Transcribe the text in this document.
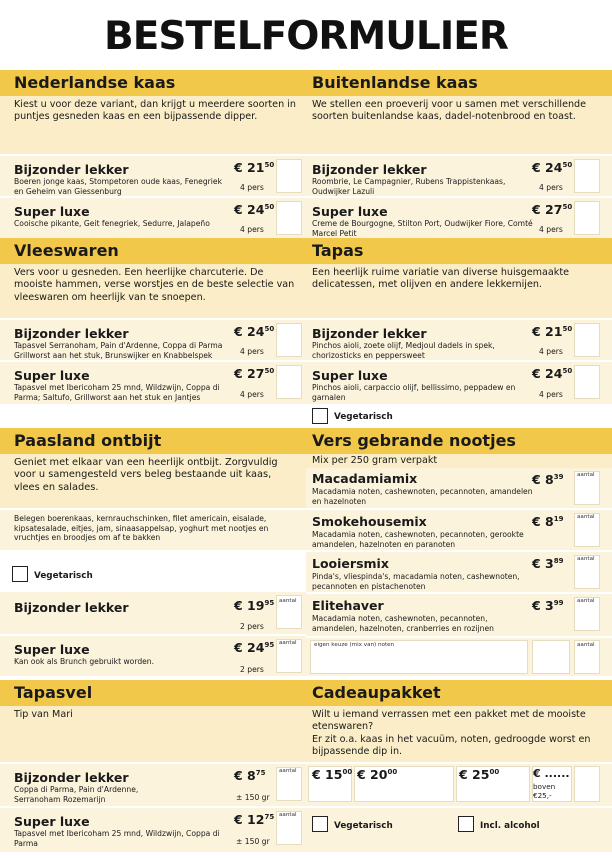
BESTELFORMULIER
Nederlandse kaas
Kiest u voor deze variant, dan krijgt u meerdere soorten in puntjes gesneden kaas en een bijpassende dipper.
Bijzonder lekker
Boeren jonge kaas, Stompetoren oude kaas, Fenegriek en Geheim van Giessenburg
€ $21^{50}$
4 pers
Super luxe
Cooische pikante, Geit fenegriek, Sedurre, Jalapeño
€ $24^{50}$
4 pers
Buitenlandse kaas
We stellen een proeverij voor u samen met verschillende soorten buitenlandse kaas, dadel-notenbrood en toast.
Bijzonder lekker
Roombrie, Le Campagnier, Rubens Trappistenkaas, Oudwijker Lazuli
€ $24^{50}$
4 pers
Super luxe
Creme de Bourgogne, Stilton Port, Oudwijker Fiore, Comté Marcel Petit
€ $27^{50}$
4 pers
Vleeswaren
Vers voor u gesneden. Een heerlijke charcuterie. De mooiste hammen, verse worstjes en de beste selectie van vleeswaren om heerlijk van te snoepen.
Bijzonder lekker
Tapasvel Serranoham, Pain d'Ardenne, Coppa di Parma Grillworst aan het stuk, Brunswijker en Knabbelspek
€ $24^{50}$
4 pers
Super luxe
Tapasvel met Ibericoham 25 mnd, Wildzwijn, Coppa di Parma; Saltufo, Grillworst aan het stuk en Jantjes
€ $27^{50}$
4 pers
Tapas
Een heerlijk ruime variatie van diverse huisgemaakte delicatessen, met olijven en andere lekkernijen.
Bijzonder lekker
Pinchos aioli, zoete olijf, Medjoul dadels in spek, chorizosticks en peppersweet
€ $21^{50}$
4 pers
Super luxe
Pinchos aioli, carpaccio olijf, bellissimo, peppadew en garnalen
€ $24^{50}$
4 pers
Vegetarisch
Paasland ontbijt
Geniet met elkaar van een heerlijk ontbijt. Zorgvuldig voor u samengesteld vers beleg bestaande uit kaas, vlees en salades.
Belegen boerenkaas, kernrauchschinken, filet americain, eisalade, kipsatesalade, eitjes, jam, sinaasappelsap, yoghurt met nootjes en vruchtjes en broodjes om af te bakken
Vegetarisch
Bijzonder lekker	€ $19^{95}$
2 pers
aantal
Super luxe
Kan ook als Brunch gebruikt worden.
€ $24^{95}$
2 pers
aantal
Vers gebrande nootjes
Mix per 250 gram verpakt
Macadamiamix
Macadamia noten, cashewnoten, pecannoten, amandelen en hazelnoten
€ $8^{39}$ aantal
Smokehousemix
Macadamia noten, cashewnoten, pecannoten, gerookte amandelen, hazelnoten en paranoten
€ $8^{19}$ aantal
Looiersmix
Pinda's, vliespinda's, macadamia noten, cashewnoten, pecannoten en pistachenoten
€ $3^{89}$ aantal
Elitehaver
Macadamia noten, cashewnoten, pecannoten, amandelen, hazelnoten, cranberries en rozijnen
€ $3^{99}$ aantal
eigen keuze (mix van) noten	aantal
Tapasvel
Tip van Mari
Bijzonder lekker
Coppa di Parma, Pain d'Ardenne, Serranoham Rozemarijn
€ $8^{75}$
± 150 gr
aantal
Super luxe
Tapasvel met Ibericoham 25 mnd, Wildzwijn, Coppa di Parma
€ $12^{75}$
± 150 gr
aantal
Cadeaupakket
Wilt u iemand verrassen met een pakket met de mooiste etenswaren?
Er zit o.a. kaas in het vacuüm, noten, gedroogde worst en bijpassende dip in.
€ $15^{00}$ € $20^{00}$	€ $25^{00}$	€ ......
boven €25,-
Vegetarisch	Incl. alcohol
